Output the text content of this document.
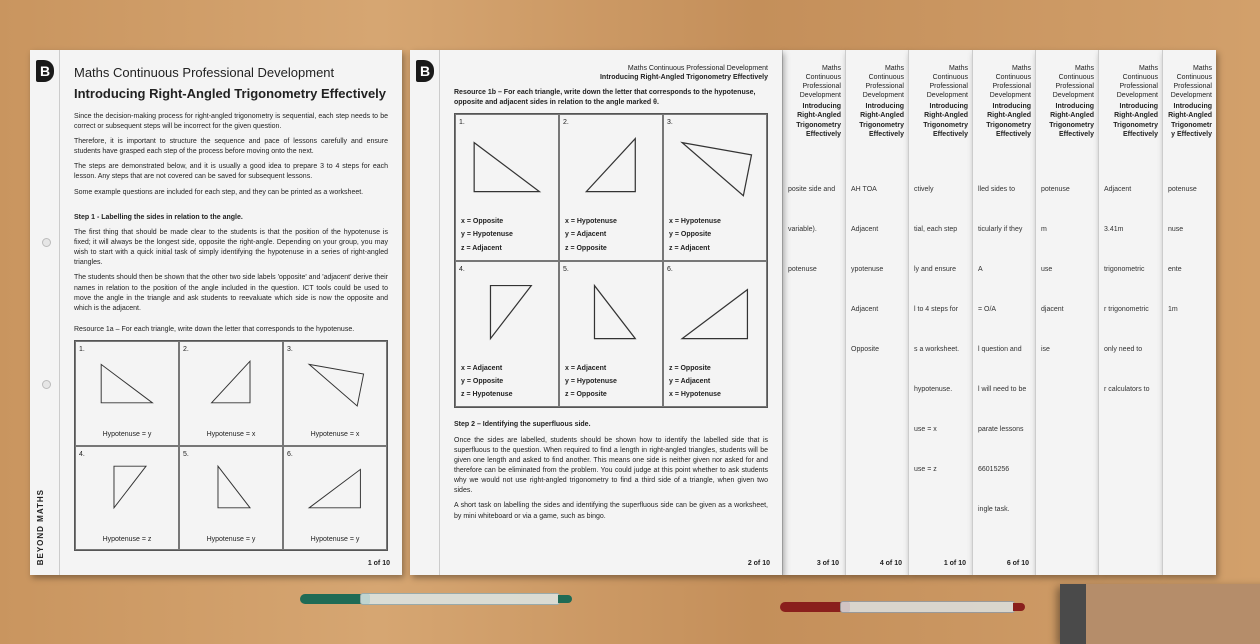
Maths Continuous Professional Development
Introducing Right-Angled Trigonometry Effectively
posite side and
variable).
potenuse
3 of 10
Maths Continuous Professional Development
Introducing Right-Angled Trigonometry Effectively
AH TOA
Adjacent
ypotenuse
Adjacent
Opposite
4 of 10
Maths Continuous Professional Development
Introducing Right-Angled Trigonometry Effectively
ctively
tial, each step
ly and ensure
l to 4 steps for
s a worksheet.
hypotenuse.
use = x
use = z
1 of 10
Maths Continuous Professional Development
Introducing Right-Angled Trigonometry Effectively
lled sides to
ticularly if they
A
= O/A
l question and
l will need to be
parate lessons
66015256
ingle task.
6 of 10
Maths Continuous Professional Development
Introducing Right-Angled Trigonometry Effectively
potenuse
m
use
djacent
ise
Maths Continuous Professional Development
Introducing Right-Angled Trigonometry Effectively
Adjacent
3.41m
trigonometric
r trigonometric
only need to
r calculators to
Maths Continuous Professional Development
Introducing Right-Angled Trigonometry Effectively
potenuse
nuse
ente
1m
B
BEYOND MATHS
Maths Continuous Professional Development
Introducing Right-Angled Trigonometry Effectively

Since the decision-making process for right-angled trigonometry is sequential, each step needs to be correct or subsequent steps will be incorrect for the given question.

Therefore, it is important to structure the sequence and pace of lessons carefully and ensure students have grasped each step of the process before moving onto the next.

The steps are demonstrated below, and it is usually a good idea to prepare 3 to 4 steps for each lesson. Any steps that are not covered can be saved for subsequent lessons.

Some example questions are included for each step, and they can be printed as a worksheet.

Step 1 - Labelling the sides in relation to the angle.

The first thing that should be made clear to the students is that the position of the hypotenuse is fixed; it will always be the longest side, opposite the right-angle. Depending on your group, you may wish to start with a quick initial task of simply identifying the hypotenuse in a series of right-angled triangles.

The students should then be shown that the other two side labels 'opposite' and 'adjacent' derive their names in relation to the position of the angle included in the question. ICT tools could be used to move the angle in the triangle and ask students to reevaluate which side is now the opposite and which is the adjacent.

Resource 1a – For each triangle, write down the letter that corresponds to the hypotenuse.
1.
Hypotenuse = y
2.
Hypotenuse = x
3.
Hypotenuse = x
4.
Hypotenuse = z
5.
Hypotenuse = y
6.
Hypotenuse = y
1 of 10
B	Maths Continuous Professional Development
Introducing Right-Angled Trigonometry Effectively
Resource 1b – For each triangle, write down the letter that corresponds to the hypotenuse, opposite and adjacent sides in relation to the angle marked θ.
1.
x = Opposite
y = Hypotenuse
z = Adjacent
2.
x = Hypotenuse
y = Adjacent
z = Opposite
3.
x = Hypotenuse
y = Opposite
z = Adjacent
4.
x = Adjacent
y = Opposite
z = Hypotenuse
5.
x = Adjacent
y = Hypotenuse
z = Opposite
6.
z = Opposite
y = Adjacent
x = Hypotenuse
Step 2 – Identifying the superfluous side.

Once the sides are labelled, students should be shown how to identify the labelled side that is superfluous to the question. When required to find a length in right-angled triangles, students will be given one length and asked to find another. This means one side is neither given nor asked for and therefore can be eliminated from the problem. You could judge at this point whether to ask students why we would not use right-angled trigonometry to find a third side of a triangle, when given two sides.

A short task on labelling the sides and identifying the superfluous side can be given as a worksheet, by mini whiteboard or via a game, such as bingo.

2 of 10
